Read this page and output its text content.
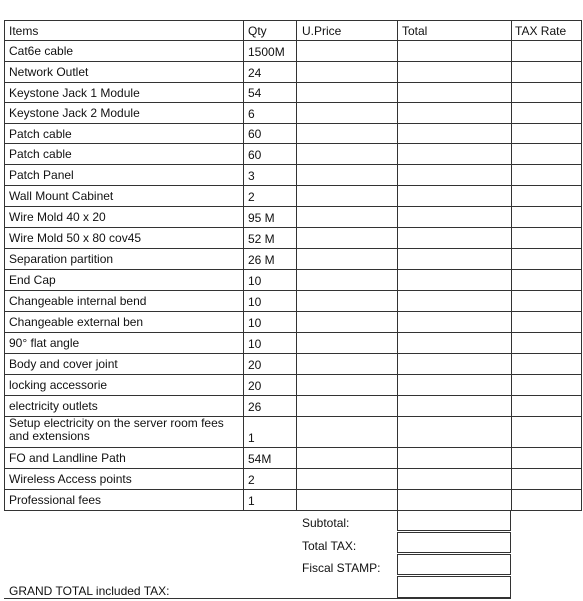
Items	Qty	U.Price	Total	TAX Rate
Cat6e cable	1500M
Network Outlet	24
Keystone Jack 1 Module	54
Keystone Jack 2 Module	6
Patch cable	60
Patch cable	60
Patch Panel	3
Wall Mount Cabinet	2
Wire Mold 40 x 20	95 M
Wire Mold 50 x 80 cov45	52 M
Separation partition	26 M
End Cap	10
Changeable internal bend	10
Changeable external ben	10
90° flat angle	10
Body and cover joint	20
locking accessorie	20
electricity outlets	26
Setup electricity on the server room fees and extensions	1
FO and Landline Path	54M
Wireless Access points	2
Professional fees	1
Subtotal:
Total TAX:
Fiscal STAMP:
GRAND TOTAL included TAX:
